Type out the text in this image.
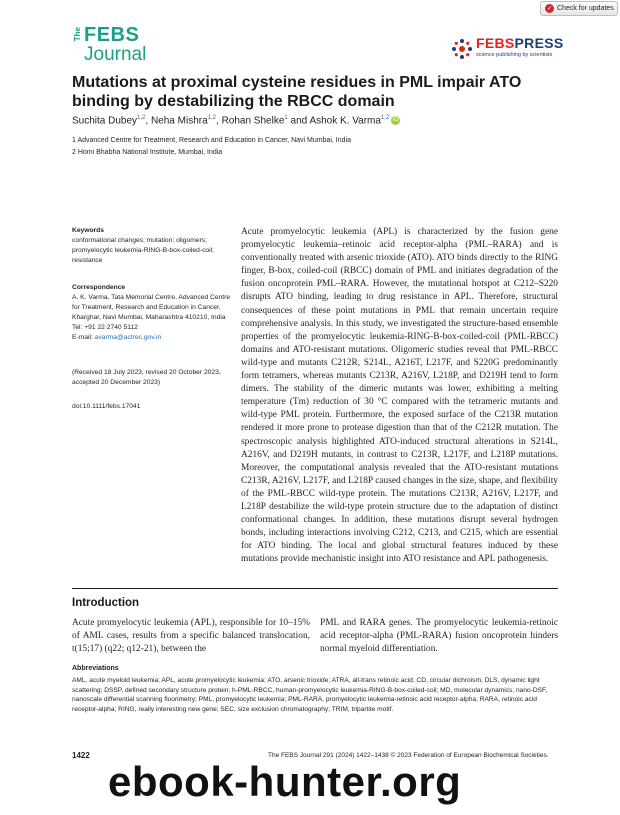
✓ Check for updates
The FEBS
Journal
FEBSPRESS
science publishing by scientists
Mutations at proximal cysteine residues in PML impair ATO binding by destabilizing the RBCC domain
Suchita Dubey$^{1,2}$, Neha Mishra$^{1,2}$, Rohan Shelke$^1$ and Ashok K. Varma$^{1,2}$ iD
1 Advanced Centre for Treatment, Research and Education in Cancer, Navi Mumbai, India
2 Homi Bhabha National Institute, Mumbai, India
Keywords
conformational changes; mutation; oligomers; promyelocytic leukemia-RING-B-box-coiled-coil; resistance
Correspondence
A. K. Varma, Tata Memorial Centre, Advanced Centre for Treatment, Research and Education in Cancer, Kharghar, Navi Mumbai, Maharashtra 410210, India
Tel: +91 22 2740 5112
E-mail: avarma@actrec.gov.in
(Received 18 July 2023, revised 20 October 2023, accepted 20 December 2023)
doi:10.1111/febs.17041
Acute promyelocytic leukemia (APL) is characterized by the fusion gene promyelocytic leukemia–retinoic acid receptor-alpha (PML–RARA) and is conventionally treated with arsenic trioxide (ATO). ATO binds directly to the RING finger, B-box, coiled-coil (RBCC) domain of PML and initiates degradation of the fusion oncoprotein PML–RARA. However, the mutational hotspot at C212–S220 disrupts ATO binding, leading to drug resistance in APL. Therefore, structural consequences of these point mutations in PML that remain uncertain require comprehensive analysis. In this study, we investigated the structure-based ensemble properties of the promyelocytic leukemia-RING-B-box-coiled-coil (PML-RBCC) domains and ATO-resistant mutations. Oligomeric studies reveal that PML-RBCC wild-type and mutants C212R, S214L, A216T, L217F, and S220G predominantly form tetramers, whereas mutants C213R, A216V, L218P, and D219H tend to form dimers. The stability of the dimeric mutants was lower, exhibiting a melting temperature (Tm) reduction of 30 °C compared with the tetrameric mutants and wild-type PML protein. Furthermore, the exposed surface of the C213R mutation rendered it more prone to protease digestion than that of the C212R mutation. The spectroscopic analysis highlighted ATO-induced structural alterations in S214L, A216V, and D219H mutants, in contrast to C213R, L217F, and L218P mutations. Moreover, the computational analysis revealed that the ATO-resistant mutations C213R, A216V, L217F, and L218P caused changes in the size, shape, and flexibility of the PML-RBCC wild-type protein. The mutations C213R, A216V, L217F, and L218P destabilize the wild-type protein structure due to the adaptation of distinct conformational changes. In addition, these mutations disrupt several hydrogen bonds, including interactions involving C212, C213, and C215, which are essential for ATO binding. The local and global structural features induced by these mutations provide mechanistic insight into ATO resistance and APL pathogenesis.
Introduction
Acute promyelocytic leukemia (APL), responsible for 10–15% of AML cases, results from a specific balanced translocation, t(15;17) (q22; q12-21), between the
PML and RARA genes. The promyelocytic leukemia-retinoic acid receptor-alpha (PML-RARA) fusion oncoprotein hinders normal myeloid differentiation.
Abbreviations
AML, acute myeloid leukemia; APL, acute promyelocytic leukemia; ATO, arsenic trioxide; ATRA, all-trans retinoic acid; CD, circular dichroism; DLS, dynamic light scattering; DSSP, defined secondary structure protein; h-PML-RBCC, human-promyelocytic leukemia-RING-B-box-coiled-coil; MD, molecular dynamics; nano-DSF, nanoscale differential scanning fluorimetry; PML, promyelocytic leukemia; PML-RARA, promyelocytic leukemia-retinoic acid receptor-alpha; RARA, retinoic acid receptor-alpha; RING, really interesting new gene; SEC, size exclusion chromatography; TRIM, tripartite motif.
1422	The FEBS Journal 291 (2024) 1422–1438 © 2023 Federation of European Biochemical Societies.
ebook-hunter.org
